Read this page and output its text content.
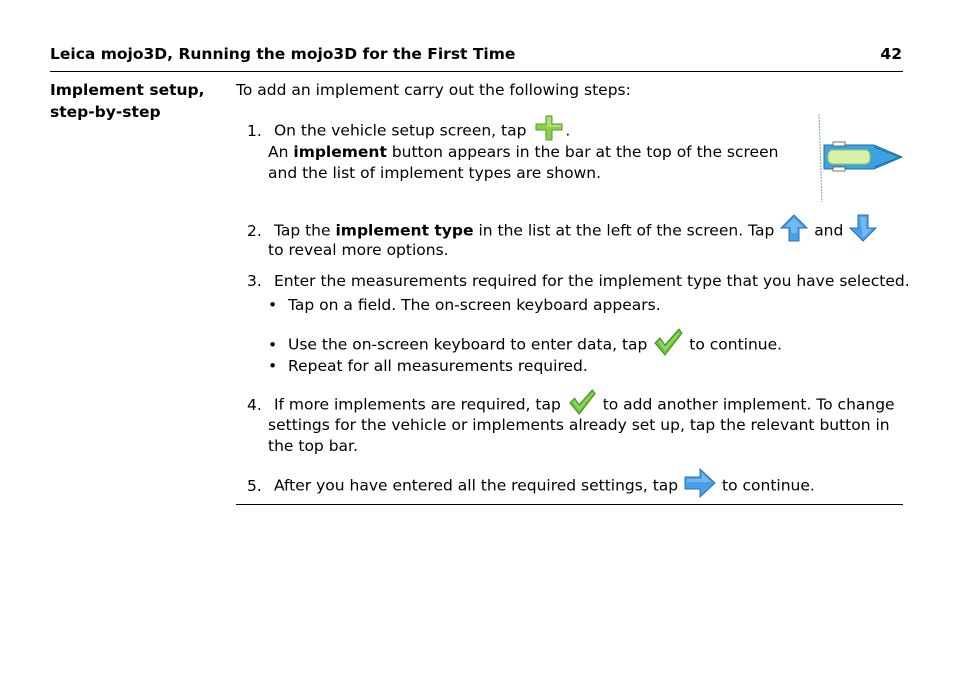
Leica mojo3D, Running the mojo3D for the First Time	42
Implement setup,
step-by-step
To add an implement carry out the following steps:
1. On the vehicle setup screen, tap	.
An implement button appears in the bar at the top of the screen
and the list of implement types are shown.
2. Tap the implement type in the list at the left of the screen. Tap	and
to reveal more options.
3. Enter the measurements required for the implement type that you have selected.
• Tap on a field. The on-screen keyboard appears.
• Use the on-screen keyboard to enter data, tap	to continue.
• Repeat for all measurements required.
4. If more implements are required, tap	to add another implement. To change
settings for the vehicle or implements already set up, tap the relevant button in
the top bar.
5. After you have entered all the required settings, tap	to continue.
